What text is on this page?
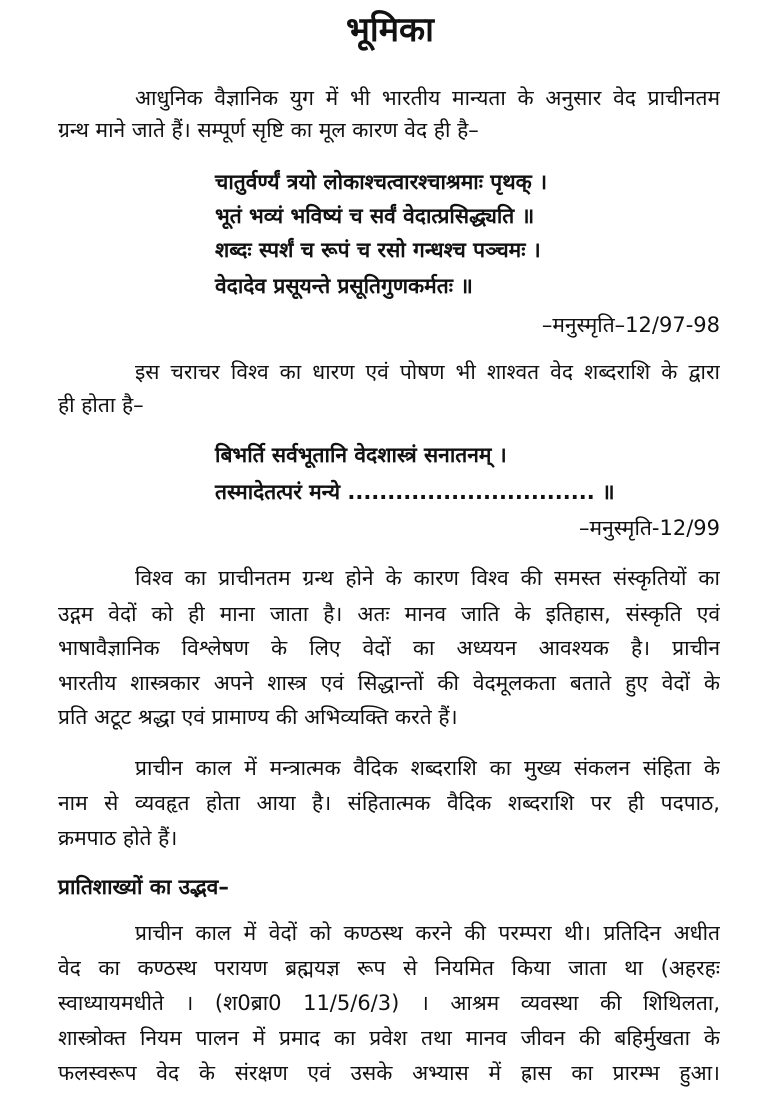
भूमिका
आधुनिक वैज्ञानिक युग में भी भारतीय मान्यता के अनुसार वेद प्राचीनतम
ग्रन्थ माने जाते हैं। सम्पूर्ण सृष्टि का मूल कारण वेद ही है–
चातुर्वर्ण्यं त्रयो लोकाश्चत्वारश्चाश्रमाः पृथक् ।
भूतं भव्यं भविष्यं च सर्वं वेदात्प्रसिद्ध्यति ॥
शब्दः स्पर्शं च रूपं च रसो गन्धश्च पञ्चमः ।
वेदादेव प्रसूयन्ते प्रसूतिगुणकर्मतः ॥
–मनुस्मृति–12/97-98
इस चराचर विश्व का धारण एवं पोषण भी शाश्वत वेद शब्दराशि के द्वारा
ही होता है–
बिभर्ति सर्वभूतानि वेदशास्त्रं सनातनम् ।
तस्मादेतत्परं मन्ये ............................... ॥
–मनुस्मृति-12/99
विश्व का प्राचीनतम ग्रन्थ होने के कारण विश्व की समस्त संस्कृतियों का
उद्गम वेदों को ही माना जाता है। अतः मानव जाति के इतिहास, संस्कृति एवं
भाषावैज्ञानिक विश्लेषण के लिए वेदों का अध्ययन आवश्यक है। प्राचीन
भारतीय शास्त्रकार अपने शास्त्र एवं सिद्धान्तों की वेदमूलकता बताते हुए वेदों के
प्रति अटूट श्रद्धा एवं प्रामाण्य की अभिव्यक्ति करते हैं।
प्राचीन काल में मन्त्रात्मक वैदिक शब्दराशि का मुख्य संकलन संहिता के
नाम से व्यवहृत होता आया है। संहितात्मक वैदिक शब्दराशि पर ही पदपाठ,
क्रमपाठ होते हैं।
प्रातिशाख्यों का उद्भव–
प्राचीन काल में वेदों को कण्ठस्थ करने की परम्परा थी। प्रतिदिन अधीत
वेद का कण्ठस्थ परायण ब्रह्मयज्ञ रूप से नियमित किया जाता था (अहरहः
स्वाध्यायमधीते । (श0ब्रा0 11/5/6/3) । आश्रम व्यवस्था की शिथिलता,
शास्त्रोक्त नियम पालन में प्रमाद का प्रवेश तथा मानव जीवन की बहिर्मुखता के
फलस्वरूप वेद के संरक्षण एवं उसके अभ्यास में ह्रास का प्रारम्भ हुआ।
